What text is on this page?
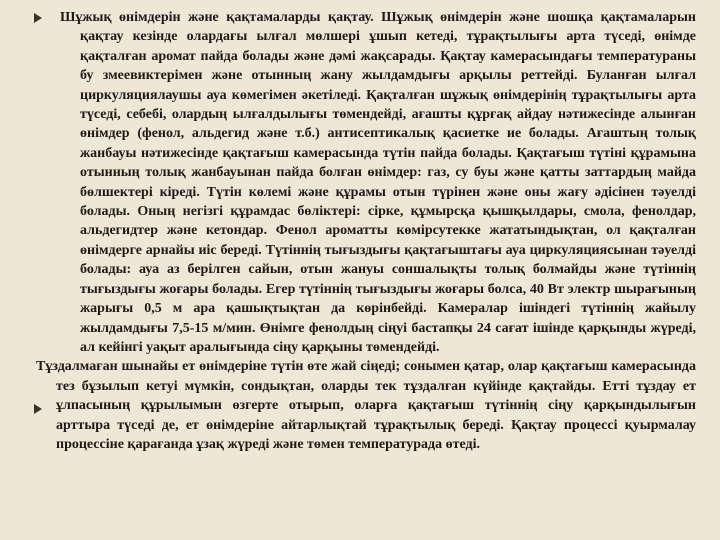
Шұжық өнімдерін және қақтамаларды қақтау. Шұжық өнімдерін және шошқа қақтамаларын қақтау кезінде олардағы ылғал мөлшері ұшып кетеді, тұрақтылығы арта түседі, өнімде қақталған аромат пайда болады және дәмі жақсарады. Қақтау камерасындағы температураны бу змеевиктерімен және отынның жану жылдамдығы арқылы реттейді. Буланған ылғал циркуляциялаушы ауа көмегімен әкетіледі. Қақталған шұжық өнімдерінің тұрақтылығы арта түседі, себебі, олардың ылғалдылығы төмендейді, ағашты құрғақ айдау нәтижесінде алынған өнімдер (фенол, альдегид және т.б.) антисептикалық қасиетке ие болады. Ағаштың толық жанбауы нәтижесінде қақтағыш камерасында түтін пайда болады. Қақтағыш түтіні құрамына отынның толық жанбауынан пайда болған өнімдер: газ, су буы және қатты заттардың майда бөлшектері кіреді. Түтін көлемі және құрамы отын түрінен және оны жағу әдісінен тәуелді болады. Оның негізгі құрамдас бөліктері: сірке, құмырсқа қышқылдары, смола, фенолдар, альдегидтер және кетондар. Фенол ароматты көмірсутекке жататындықтан, ол қақталған өнімдерге арнайы иіс береді. Түтіннің тығыздығы қақтағыштағы ауа циркуляциясынан тәуелді болады: ауа аз берілген сайын, отын жануы соншалықты толық болмайды және түтіннің тығыздығы жоғары болады. Егер түтіннің тығыздығы жоғары болса, 40 Вт электр шырағының жарығы 0,5 м ара қашықтықтан да көрінбейді. Камералар ішіндегі түтіннің жайылу жылдамдығы 7,5-15 м/мин. Өнімге фенолдың сіңуі бастапқы 24 сағат ішінде қарқынды жүреді, ал кейінгі уақыт аралығында сіңу қарқыны төмендейді.

Тұздалмаған шынайы ет өнімдеріне түтін өте жай сіңеді; сонымен қатар, олар қақтағыш камерасында тез бұзылып кетуі мүмкін, сондықтан, оларды тек тұздалған күйінде қақтайды. Етті тұздау ет ұлпасының құрылымын өзгерте отырып, оларға қақтағыш түтіннің сіңу қарқындылығын арттыра түседі де, ет өнімдеріне айтарлықтай тұрақтылық береді. Қақтау процессі қуырмалау процессіне қарағанда ұзақ жүреді және төмен температурада өтеді.
